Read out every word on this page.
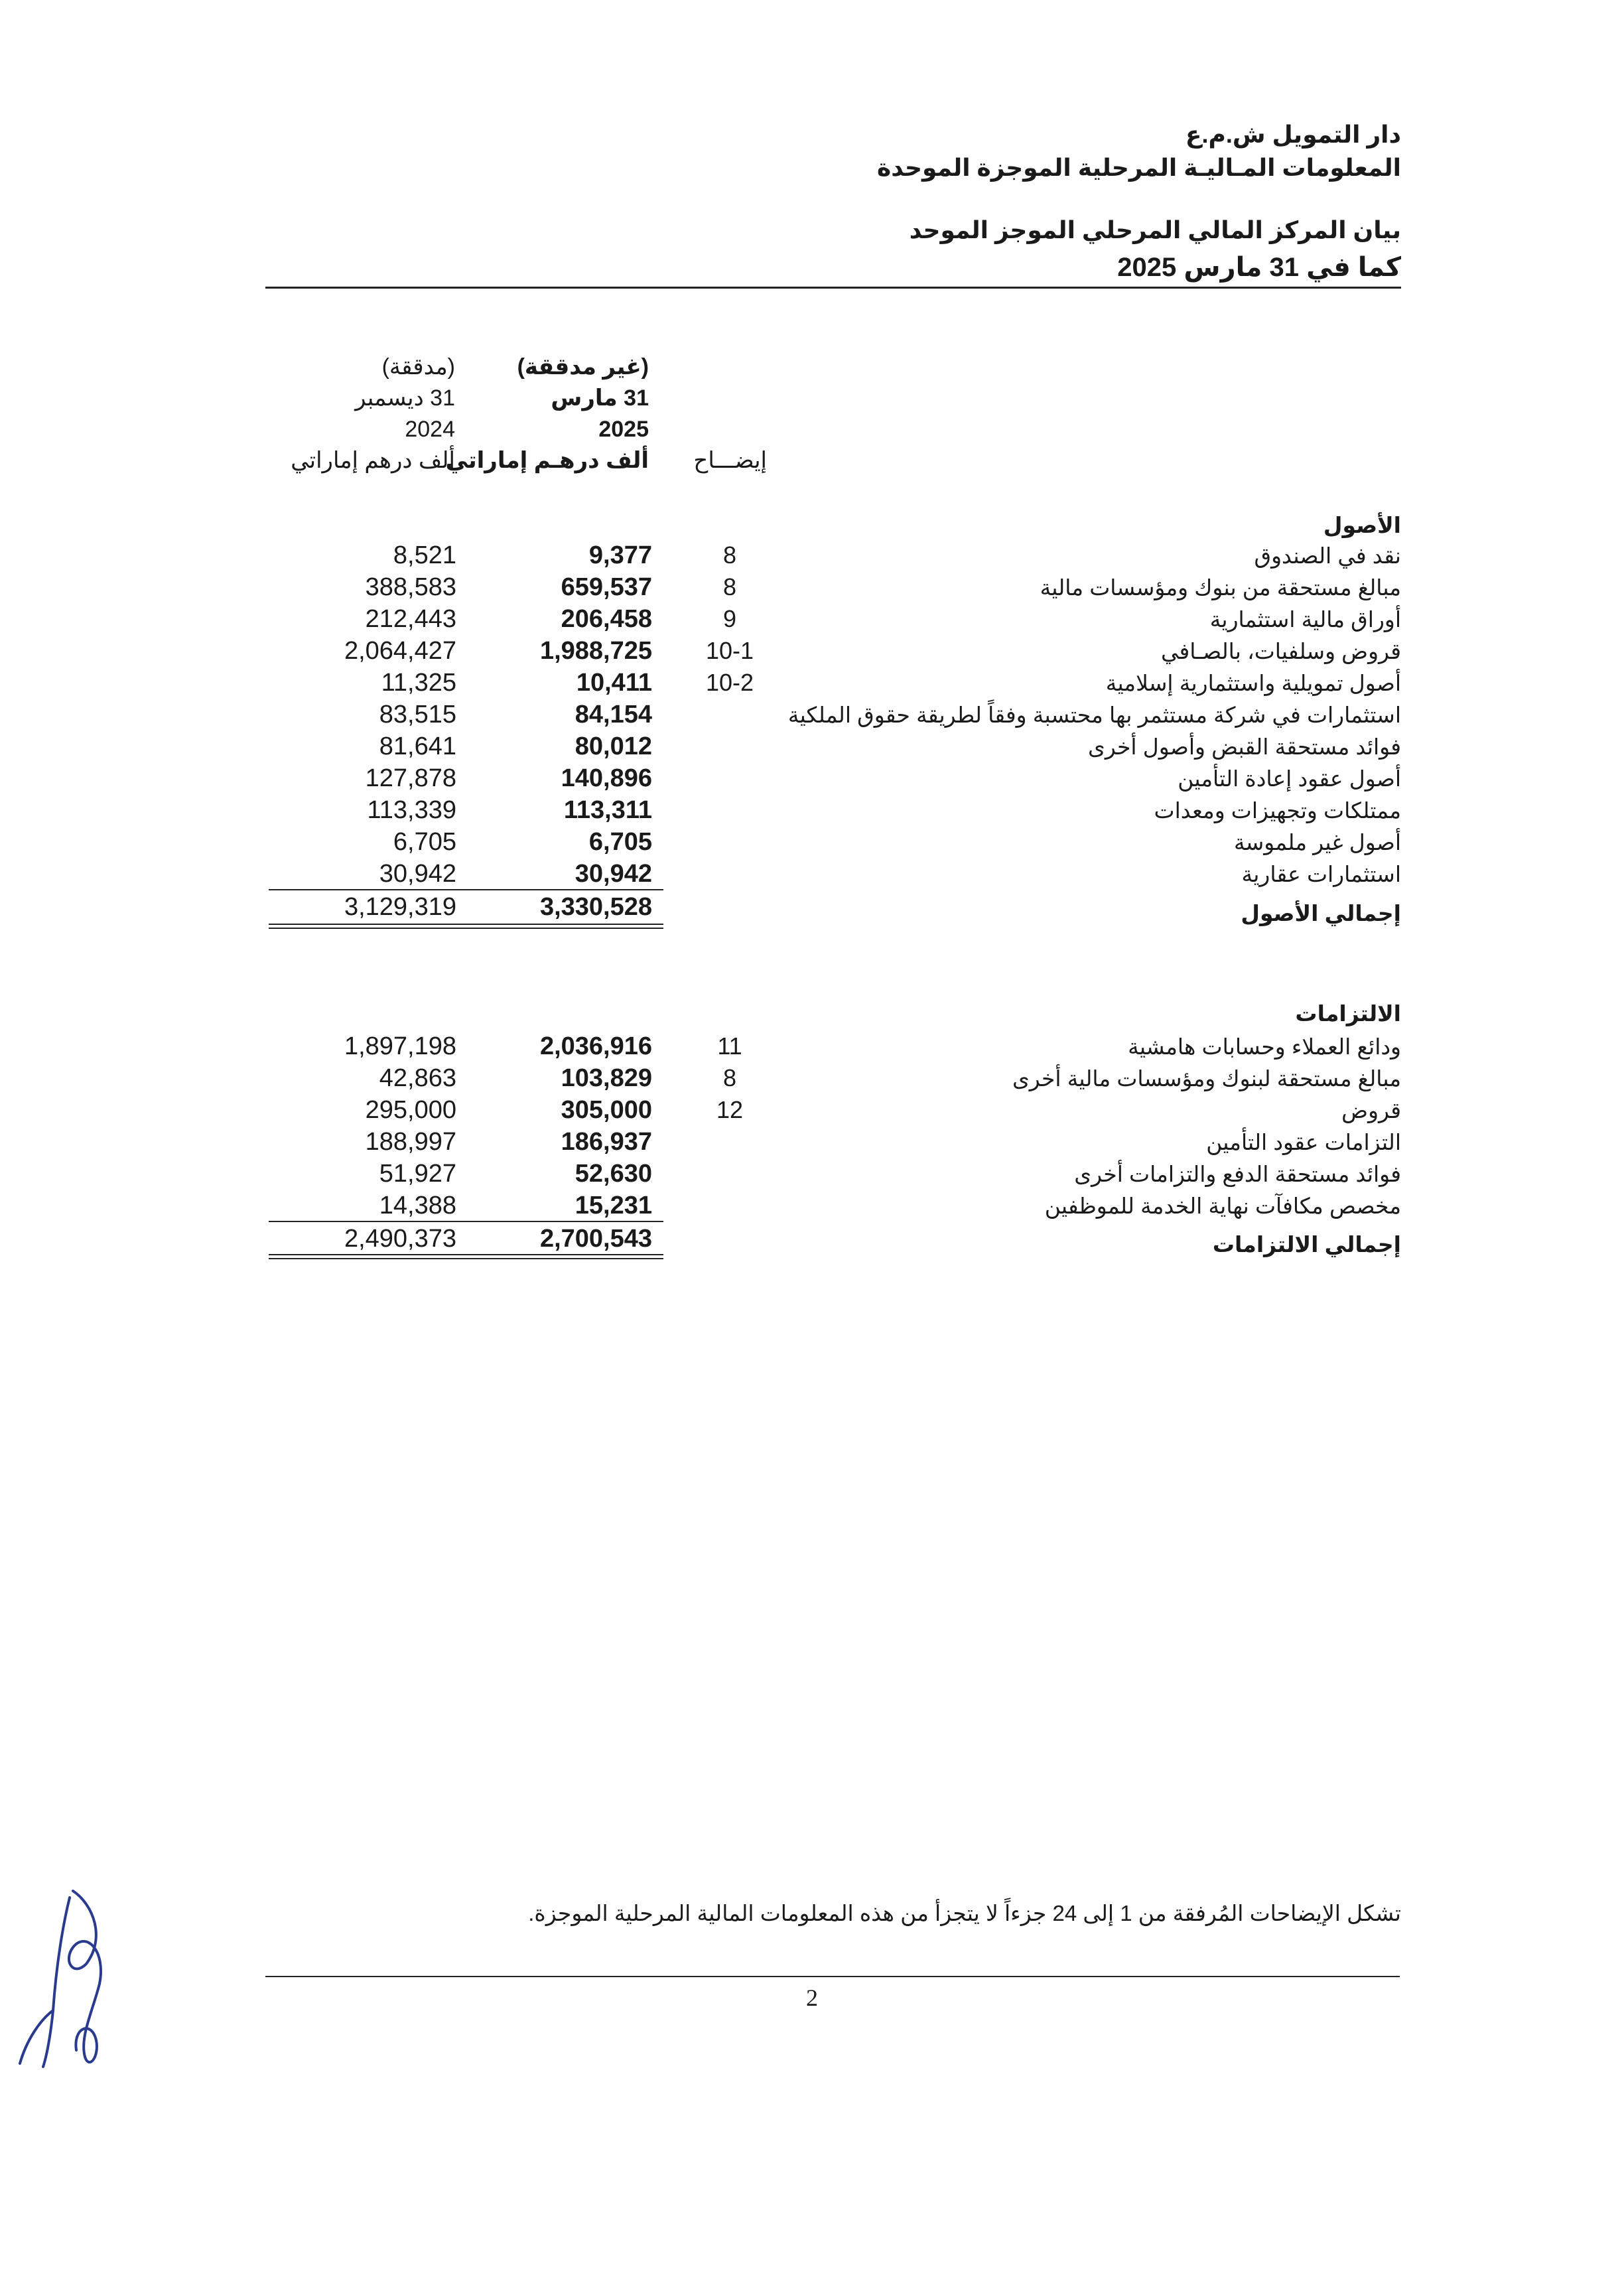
دار التمويل ش.م.ع
المعلومات المـاليـة المرحلية الموجزة الموحدة
بيان المركز المالي المرحلي الموجز الموحد
كما في 31 مارس 2025
(غير مدققة)
31 مارس
2025
ألف درهـم إماراتي
(مدققة)
31 ديسمبر
2024
ألف درهم إماراتي	إيضـــاح
الأصول
نقد في الصندوق
8
9,377
8,521
مبالغ مستحقة من بنوك ومؤسسات مالية
8
659,537
388,583
أوراق مالية استثمارية
9
206,458
212,443
قروض وسلفيات، بالصـافي
10-1
1,988,725
2,064,427
أصول تمويلية واستثمارية إسلامية
10-2
10,411
11,325
استثمارات في شركة مستثمر بها محتسبة وفقاً لطريقة حقوق الملكية
84,154
83,515
فوائد مستحقة القبض وأصول أخرى
80,012
81,641
أصول عقود إعادة التأمين
140,896
127,878
ممتلكات وتجهيزات ومعدات
113,311
113,339
أصول غير ملموسة
6,705
6,705
استثمارات عقارية
30,942
30,942
إجمالي الأصول
3,330,528
3,129,319
الالتزامات
ودائع العملاء وحسابات هامشية
11
2,036,916
1,897,198
مبالغ مستحقة لبنوك ومؤسسات مالية أخرى
8
103,829
42,863
قروض
12
305,000
295,000
التزامات عقود التأمين
186,937
188,997
فوائد مستحقة الدفع والتزامات أخرى
52,630
51,927
مخصص مكافآت نهاية الخدمة للموظفين
15,231
14,388
إجمالي الالتزامات
2,700,543
2,490,373
تشكل الإيضاحات المُرفقة من 1 إلى 24 جزءاً لا يتجزأ من هذه المعلومات المالية المرحلية الموجزة.
2
